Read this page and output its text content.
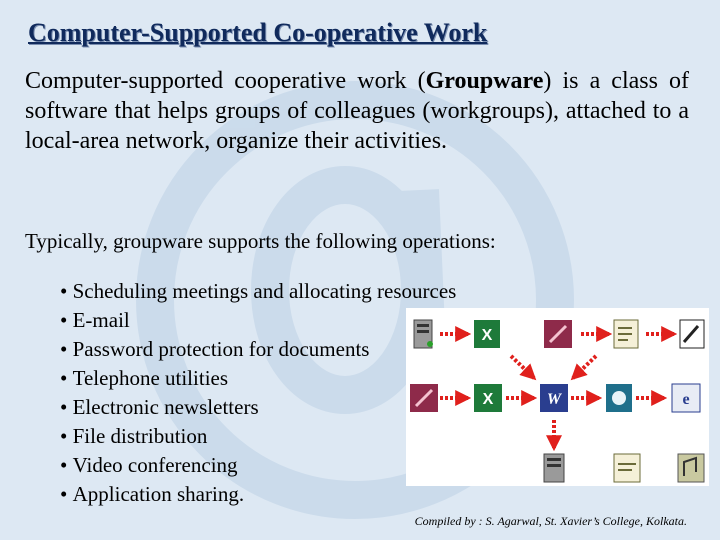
Computer-Supported Co-operative Work

Computer-supported cooperative work (Groupware) is a class of software that helps groups of colleagues (workgroups), attached to a local-area network, organize their activities.

Typically, groupware supports the following operations:

• Scheduling meetings and allocating resources
• E-mail
• Password protection for documents
• Telephone utilities
• Electronic newsletters
• File distribution
• Video conferencing
• Application sharing.
X
X	W	e
Compiled by : S. Agarwal, St. Xavier’s College, Kolkata.
